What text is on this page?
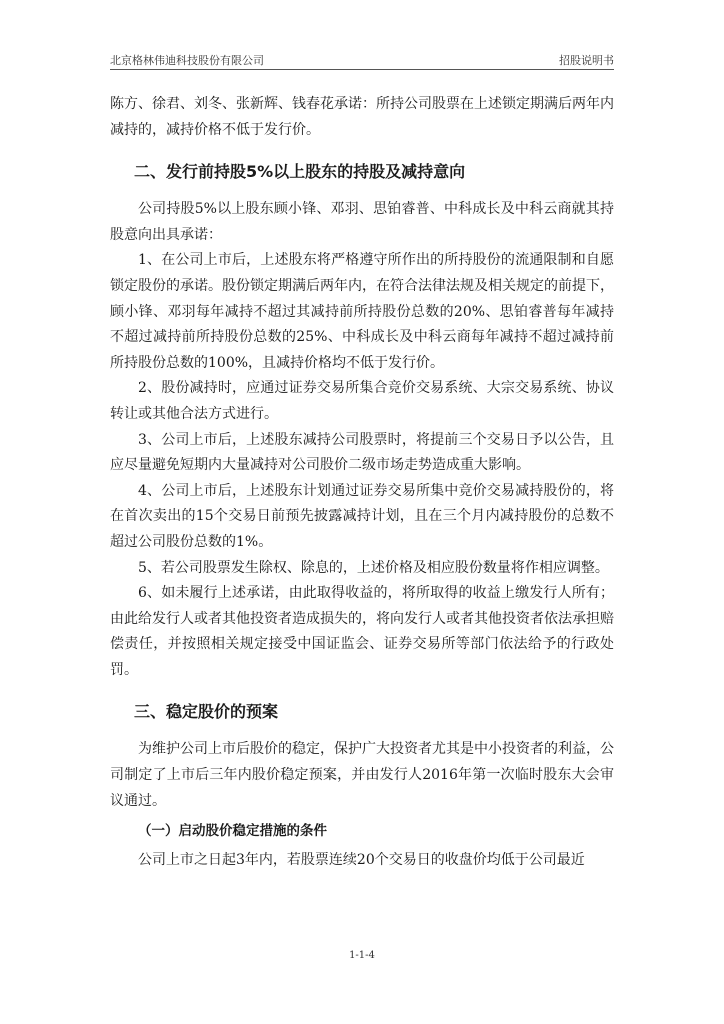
北京格林伟迪科技股份有限公司	招股说明书

陈方、徐君、刘冬、张新辉、钱春花承诺：所持公司股票在上述锁定期满后两年内减持的，减持价格不低于发行价。

二、发行前持股5%以上股东的持股及减持意向

公司持股5%以上股东顾小锋、邓羽、思铂睿普、中科成长及中科云商就其持股意向出具承诺：

1、在公司上市后，上述股东将严格遵守所作出的所持股份的流通限制和自愿锁定股份的承诺。股份锁定期满后两年内，在符合法律法规及相关规定的前提下，顾小锋、邓羽每年减持不超过其减持前所持股份总数的20%、思铂睿普每年减持不超过减持前所持股份总数的25%、中科成长及中科云商每年减持不超过减持前所持股份总数的100%，且减持价格均不低于发行价。

2、股份减持时，应通过证券交易所集合竞价交易系统、大宗交易系统、协议转让或其他合法方式进行。

3、公司上市后，上述股东减持公司股票时，将提前三个交易日予以公告，且应尽量避免短期内大量减持对公司股价二级市场走势造成重大影响。

4、公司上市后，上述股东计划通过证券交易所集中竞价交易减持股份的，将在首次卖出的15个交易日前预先披露减持计划，且在三个月内减持股份的总数不超过公司股份总数的1%。

5、若公司股票发生除权、除息的，上述价格及相应股份数量将作相应调整。

6、如未履行上述承诺，由此取得收益的，将所取得的收益上缴发行人所有；由此给发行人或者其他投资者造成损失的，将向发行人或者其他投资者依法承担赔偿责任，并按照相关规定接受中国证监会、证券交易所等部门依法给予的行政处罚。

三、稳定股价的预案

为维护公司上市后股价的稳定，保护广大投资者尤其是中小投资者的利益，公司制定了上市后三年内股价稳定预案，并由发行人2016年第一次临时股东大会审议通过。

（一）启动股价稳定措施的条件

公司上市之日起3年内，若股票连续20个交易日的收盘价均低于公司最近

1-1-4
